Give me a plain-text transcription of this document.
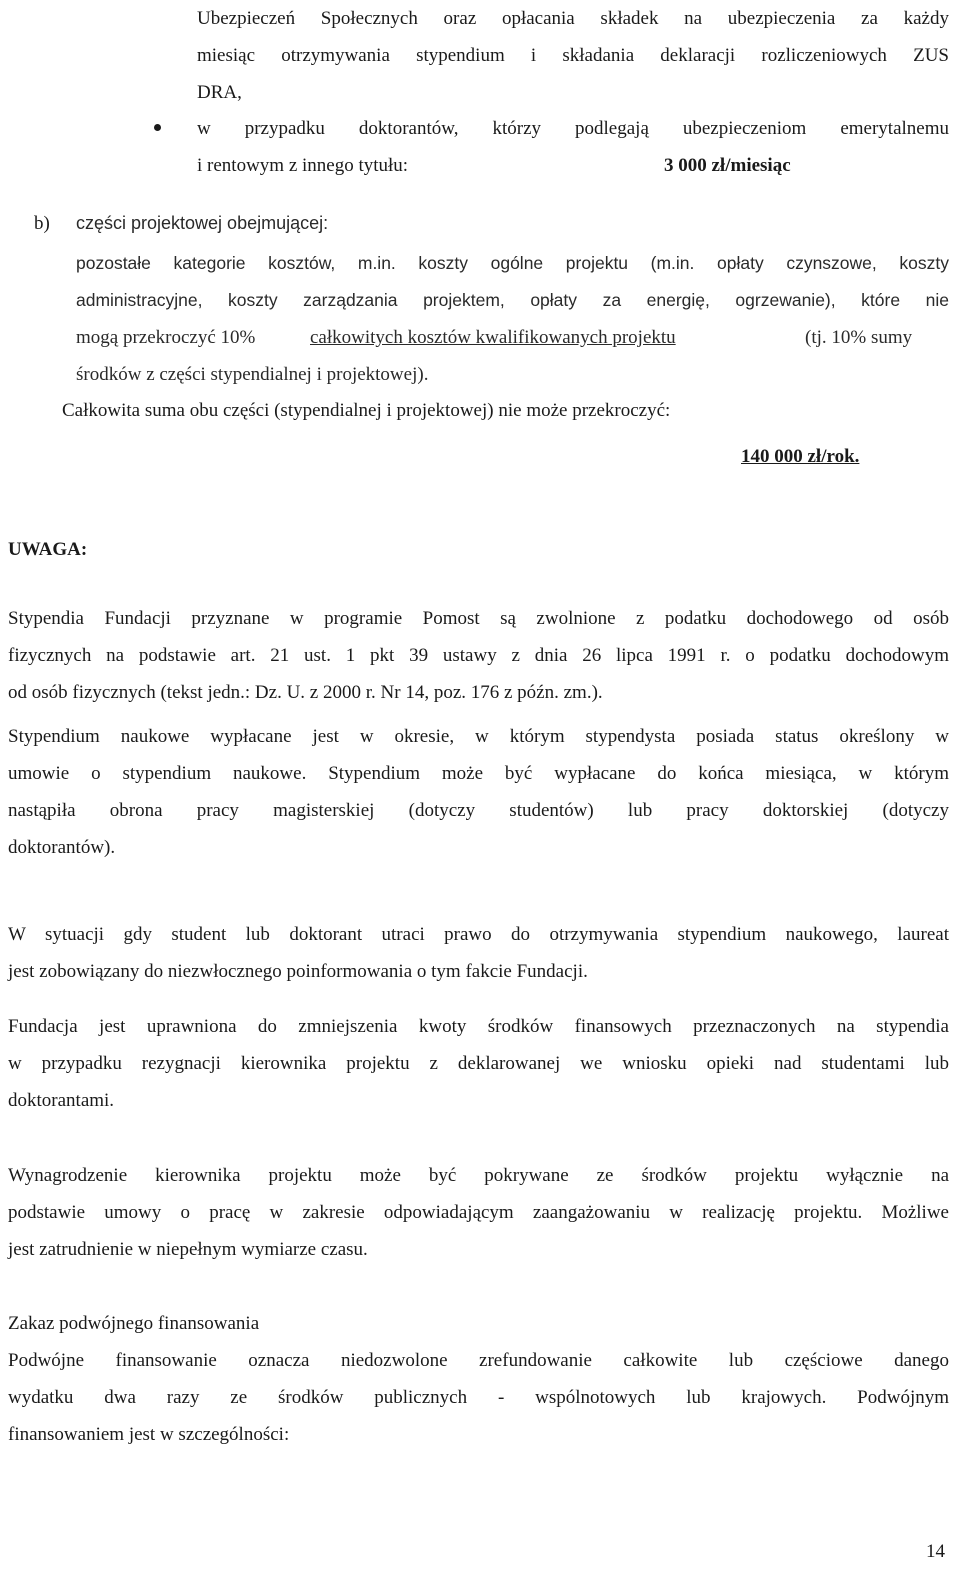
Ubezpieczeń Społecznych oraz opłacania składek na ubezpieczenia za każdy
miesiąc otrzymywania stypendium i składania deklaracji rozliczeniowych ZUS
DRA,
w przypadku doktorantów, którzy podlegają ubezpieczeniom emerytalnemu
i rentowym z innego tytułu:	3 000 zł/miesiąc
b) części projektowej obejmującej:
pozostałe kategorie kosztów, m.in. koszty ogólne projektu (m.in. opłaty czynszowe, koszty
administracyjne, koszty zarządzania projektem, opłaty za energię, ogrzewanie), które nie
mogą przekroczyć 10%	całkowitych kosztów kwalifikowanych projektu	(tj. 10% sumy
środków z części stypendialnej i projektowej).
Całkowita suma obu części (stypendialnej i projektowej) nie może przekroczyć:
140 000 zł/rok.
UWAGA:
Stypendia Fundacji przyznane w programie Pomost są zwolnione z podatku dochodowego od osób
fizycznych na podstawie art. 21 ust. 1 pkt 39 ustawy z dnia 26 lipca 1991 r. o podatku dochodowym
od osób fizycznych (tekst jedn.: Dz. U. z 2000 r. Nr 14, poz. 176 z późn. zm.).
Stypendium naukowe wypłacane jest w okresie, w którym stypendysta posiada status określony w
umowie o stypendium naukowe. Stypendium może być wypłacane do końca miesiąca, w którym
nastąpiła obrona pracy magisterskiej (dotyczy studentów) lub pracy doktorskiej (dotyczy
doktorantów).
W sytuacji gdy student lub doktorant utraci prawo do otrzymywania stypendium naukowego, laureat
jest zobowiązany do niezwłocznego poinformowania o tym fakcie Fundacji.
Fundacja jest uprawniona do zmniejszenia kwoty środków finansowych przeznaczonych na stypendia
w przypadku rezygnacji kierownika projektu z deklarowanej we wniosku opieki nad studentami lub
doktorantami.
Wynagrodzenie kierownika projektu może być pokrywane ze środków projektu wyłącznie na
podstawie umowy o pracę w zakresie odpowiadającym zaangażowaniu w realizację projektu. Możliwe
jest zatrudnienie w niepełnym wymiarze czasu.
Zakaz podwójnego finansowania
Podwójne finansowanie oznacza niedozwolone zrefundowanie całkowite lub częściowe danego
wydatku dwa razy ze środków publicznych - wspólnotowych lub krajowych. Podwójnym
finansowaniem jest w szczególności:
14
